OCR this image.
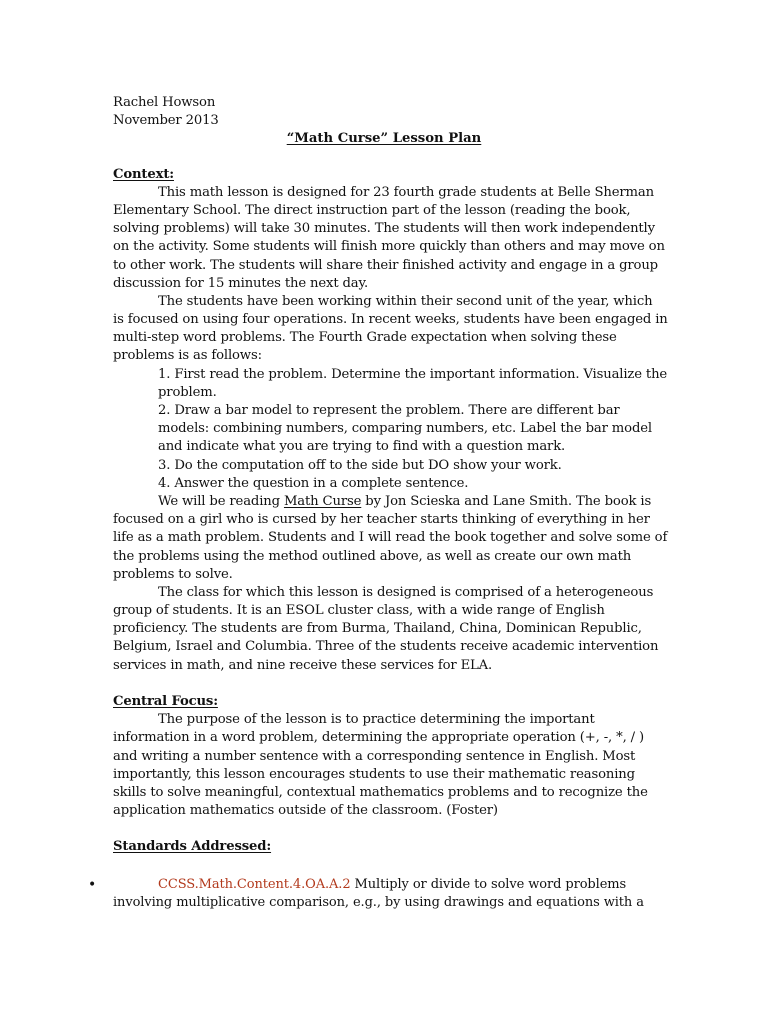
Rachel Howson
November 2013
“Math Curse” Lesson Plan
Context:
This math lesson is designed for 23 fourth grade students at Belle Sherman
Elementary School. The direct instruction part of the lesson (reading the book,
solving problems) will take 30 minutes. The students will then work independently
on the activity. Some students will finish more quickly than others and may move on
to other work. The students will share their finished activity and engage in a group
discussion for 15 minutes the next day.
The students have been working within their second unit of the year, which
is focused on using four operations. In recent weeks, students have been engaged in
multi-step word problems. The Fourth Grade expectation when solving these
problems is as follows:
1. First read the problem. Determine the important information. Visualize the
problem.
2. Draw a bar model to represent the problem. There are different bar
models: combining numbers, comparing numbers, etc. Label the bar model
and indicate what you are trying to find with a question mark.
3. Do the computation off to the side but DO show your work.
4. Answer the question in a complete sentence.
We will be reading Math Curse by Jon Scieska and Lane Smith. The book is
focused on a girl who is cursed by her teacher starts thinking of everything in her
life as a math problem. Students and I will read the book together and solve some of
the problems using the method outlined above, as well as create our own math
problems to solve.
The class for which this lesson is designed is comprised of a heterogeneous
group of students. It is an ESOL cluster class, with a wide range of English
proficiency. The students are from Burma, Thailand, China, Dominican Republic,
Belgium, Israel and Columbia. Three of the students receive academic intervention
services in math, and nine receive these services for ELA.
Central Focus:
The purpose of the lesson is to practice determining the important
information in a word problem, determining the appropriate operation (+, -, *, / )
and writing a number sentence with a corresponding sentence in English. Most
importantly, this lesson encourages students to use their mathematic reasoning
skills to solve meaningful, contextual mathematics problems and to recognize the
application mathematics outside of the classroom. (Foster)
Standards Addressed:
•	CCSS.Math.Content.4.OA.A.2 Multiply or divide to solve word problems
involving multiplicative comparison, e.g., by using drawings and equations with a
